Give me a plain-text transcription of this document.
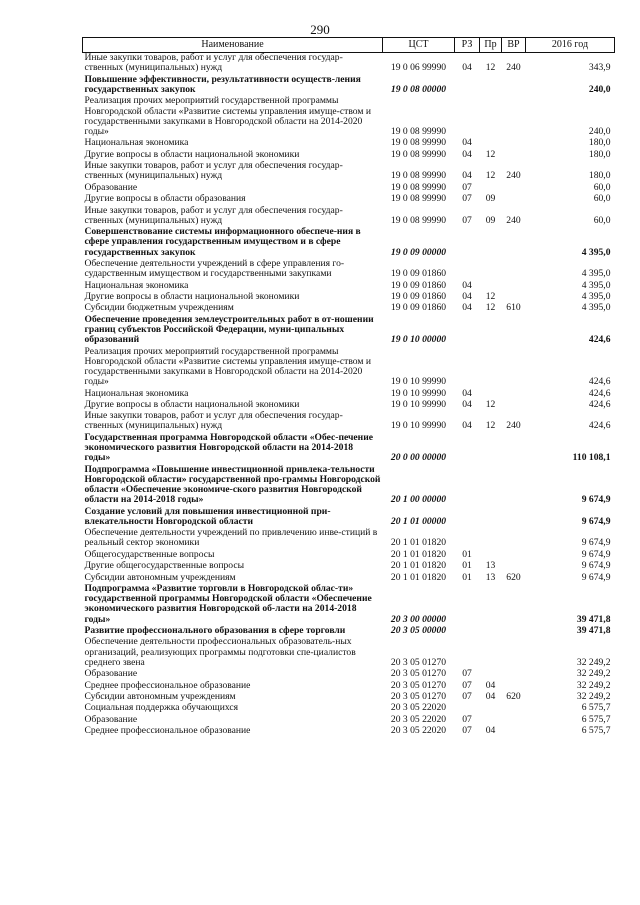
290
Наименование	ЦСТ	РЗ	Пр	ВР	2016 год
Иные закупки товаров, работ и услуг для обеспечения государ-ственных (муниципальных) нужд	19 0 06 99990	04	12	240	343,9
Повышение эффективности, результативности осуществ-ления государственных закупок	19 0 08 00000				240,0
Реализация прочих мероприятий государственной программы Новгородской области «Развитие системы управления имуще-ством и государственными закупками в Новгородской области на 2014-2020 годы»	19 0 08 99990				240,0
Национальная экономика	19 0 08 99990	04			180,0
Другие вопросы в области национальной экономики	19 0 08 99990	04	12		180,0
Иные закупки товаров, работ и услуг для обеспечения государ-ственных (муниципальных) нужд	19 0 08 99990	04	12	240	180,0
Образование	19 0 08 99990	07			60,0
Другие вопросы в области образования	19 0 08 99990	07	09		60,0
Иные закупки товаров, работ и услуг для обеспечения государ-ственных (муниципальных) нужд	19 0 08 99990	07	09	240	60,0
Совершенствование системы информационного обеспече-ния в сфере управления государственным имуществом и в сфере государственных закупок	19 0 09 00000				4 395,0
Обеспечение деятельности учреждений в сфере управления го-сударственным имуществом и государственными закупками	19 0 09 01860				4 395,0
Национальная экономика	19 0 09 01860	04			4 395,0
Другие вопросы в области национальной экономики	19 0 09 01860	04	12		4 395,0
Субсидии бюджетным учреждениям	19 0 09 01860	04	12	610	4 395,0
Обеспечение проведения землеустроительных работ в от-ношении границ субъектов Российской Федерации, муни-ципальных образований	19 0 10 00000				424,6
Реализация прочих мероприятий государственной программы Новгородской области «Развитие системы управления имуще-ством и государственными закупками в Новгородской области на 2014-2020 годы»	19 0 10 99990				424,6
Национальная экономика	19 0 10 99990	04			424,6
Другие вопросы в области национальной экономики	19 0 10 99990	04	12		424,6
Иные закупки товаров, работ и услуг для обеспечения государ-ственных (муниципальных) нужд	19 0 10 99990	04	12	240	424,6
Государственная программа Новгородской области «Обес-печение экономического развития Новгородской области на 2014-2018 годы»	20 0 00 00000				110 108,1
Подпрограмма «Повышение инвестиционной привлека-тельности Новгородской области» государственной про-граммы Новгородской области «Обеспечение экономиче-ского развития Новгородской области на 2014-2018 годы»	20 1 00 00000				9 674,9
Создание условий для повышения инвестиционной при-влекательности Новгородской области	20 1 01 00000				9 674,9
Обеспечение деятельности учреждений по привлечению инве-стиций в реальный сектор экономики	20 1 01 01820				9 674,9
Общегосударственные вопросы	20 1 01 01820	01			9 674,9
Другие общегосударственные вопросы	20 1 01 01820	01	13		9 674,9
Субсидии автономным учреждениям	20 1 01 01820	01	13	620	9 674,9
Подпрограмма «Развитие торговли в Новгородской облас-ти» государственной программы Новгородской области «Обеспечение экономического развития Новгородской об-ласти на 2014-2018 годы»	20 3 00 00000				39 471,8
Развитие профессионального образования в сфере торговли	20 3 05 00000				39 471,8
Обеспечение деятельности профессиональных образователь-ных организаций, реализующих программы подготовки спе-циалистов среднего звена	20 3 05 01270				32 249,2
Образование	20 3 05 01270	07			32 249,2
Среднее профессиональное образование	20 3 05 01270	07	04		32 249,2
Субсидии автономным учреждениям	20 3 05 01270	07	04	620	32 249,2
Социальная поддержка обучающихся	20 3 05 22020				6 575,7
Образование	20 3 05 22020	07			6 575,7
Среднее профессиональное образование	20 3 05 22020	07	04		6 575,7
